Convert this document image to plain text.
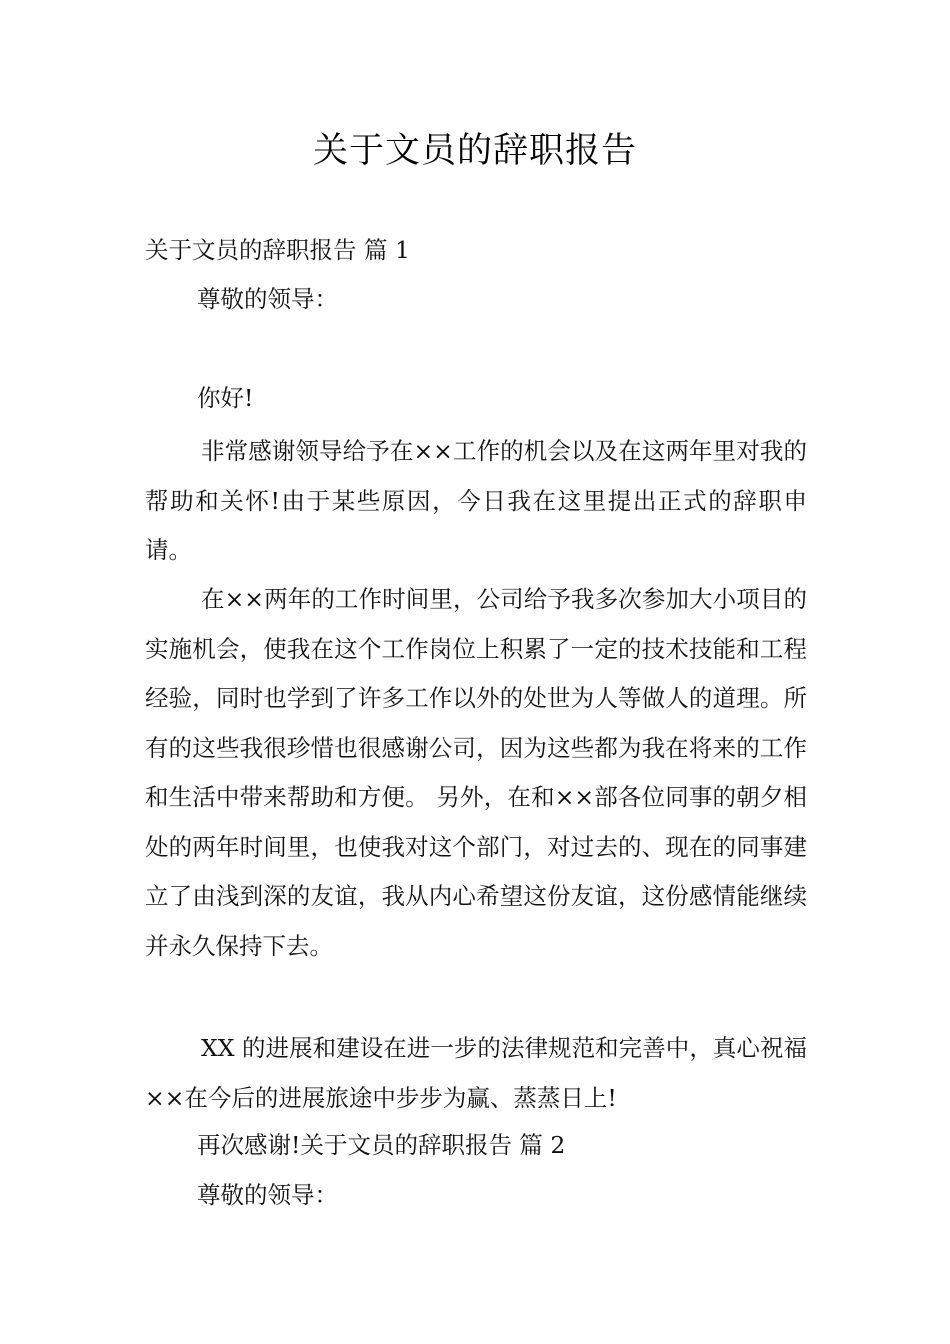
关于文员的辞职报告
关于文员的辞职报告 篇 1
尊敬的领导：
你好!

非常感谢领导给予在××工作的机会以及在这两年里对我的帮助和关怀!由于某些原因，今日我在这里提出正式的辞职申请。

在××两年的工作时间里，公司给予我多次参加大小项目的实施机会，使我在这个工作岗位上积累了一定的技术技能和工程经验，同时也学到了许多工作以外的处世为人等做人的道理。所有的这些我很珍惜也很感谢公司，因为这些都为我在将来的工作和生活中带来帮助和方便。 另外，在和××部各位同事的朝夕相处的两年时间里，也使我对这个部门，对过去的、现在的同事建立了由浅到深的友谊，我从内心希望这份友谊，这份感情能继续并永久保持下去。

XX 的进展和建设在进一步的法律规范和完善中，真心祝福××在今后的进展旅途中步步为赢、蒸蒸日上!

再次感谢!关于文员的辞职报告 篇 2
尊敬的领导：
